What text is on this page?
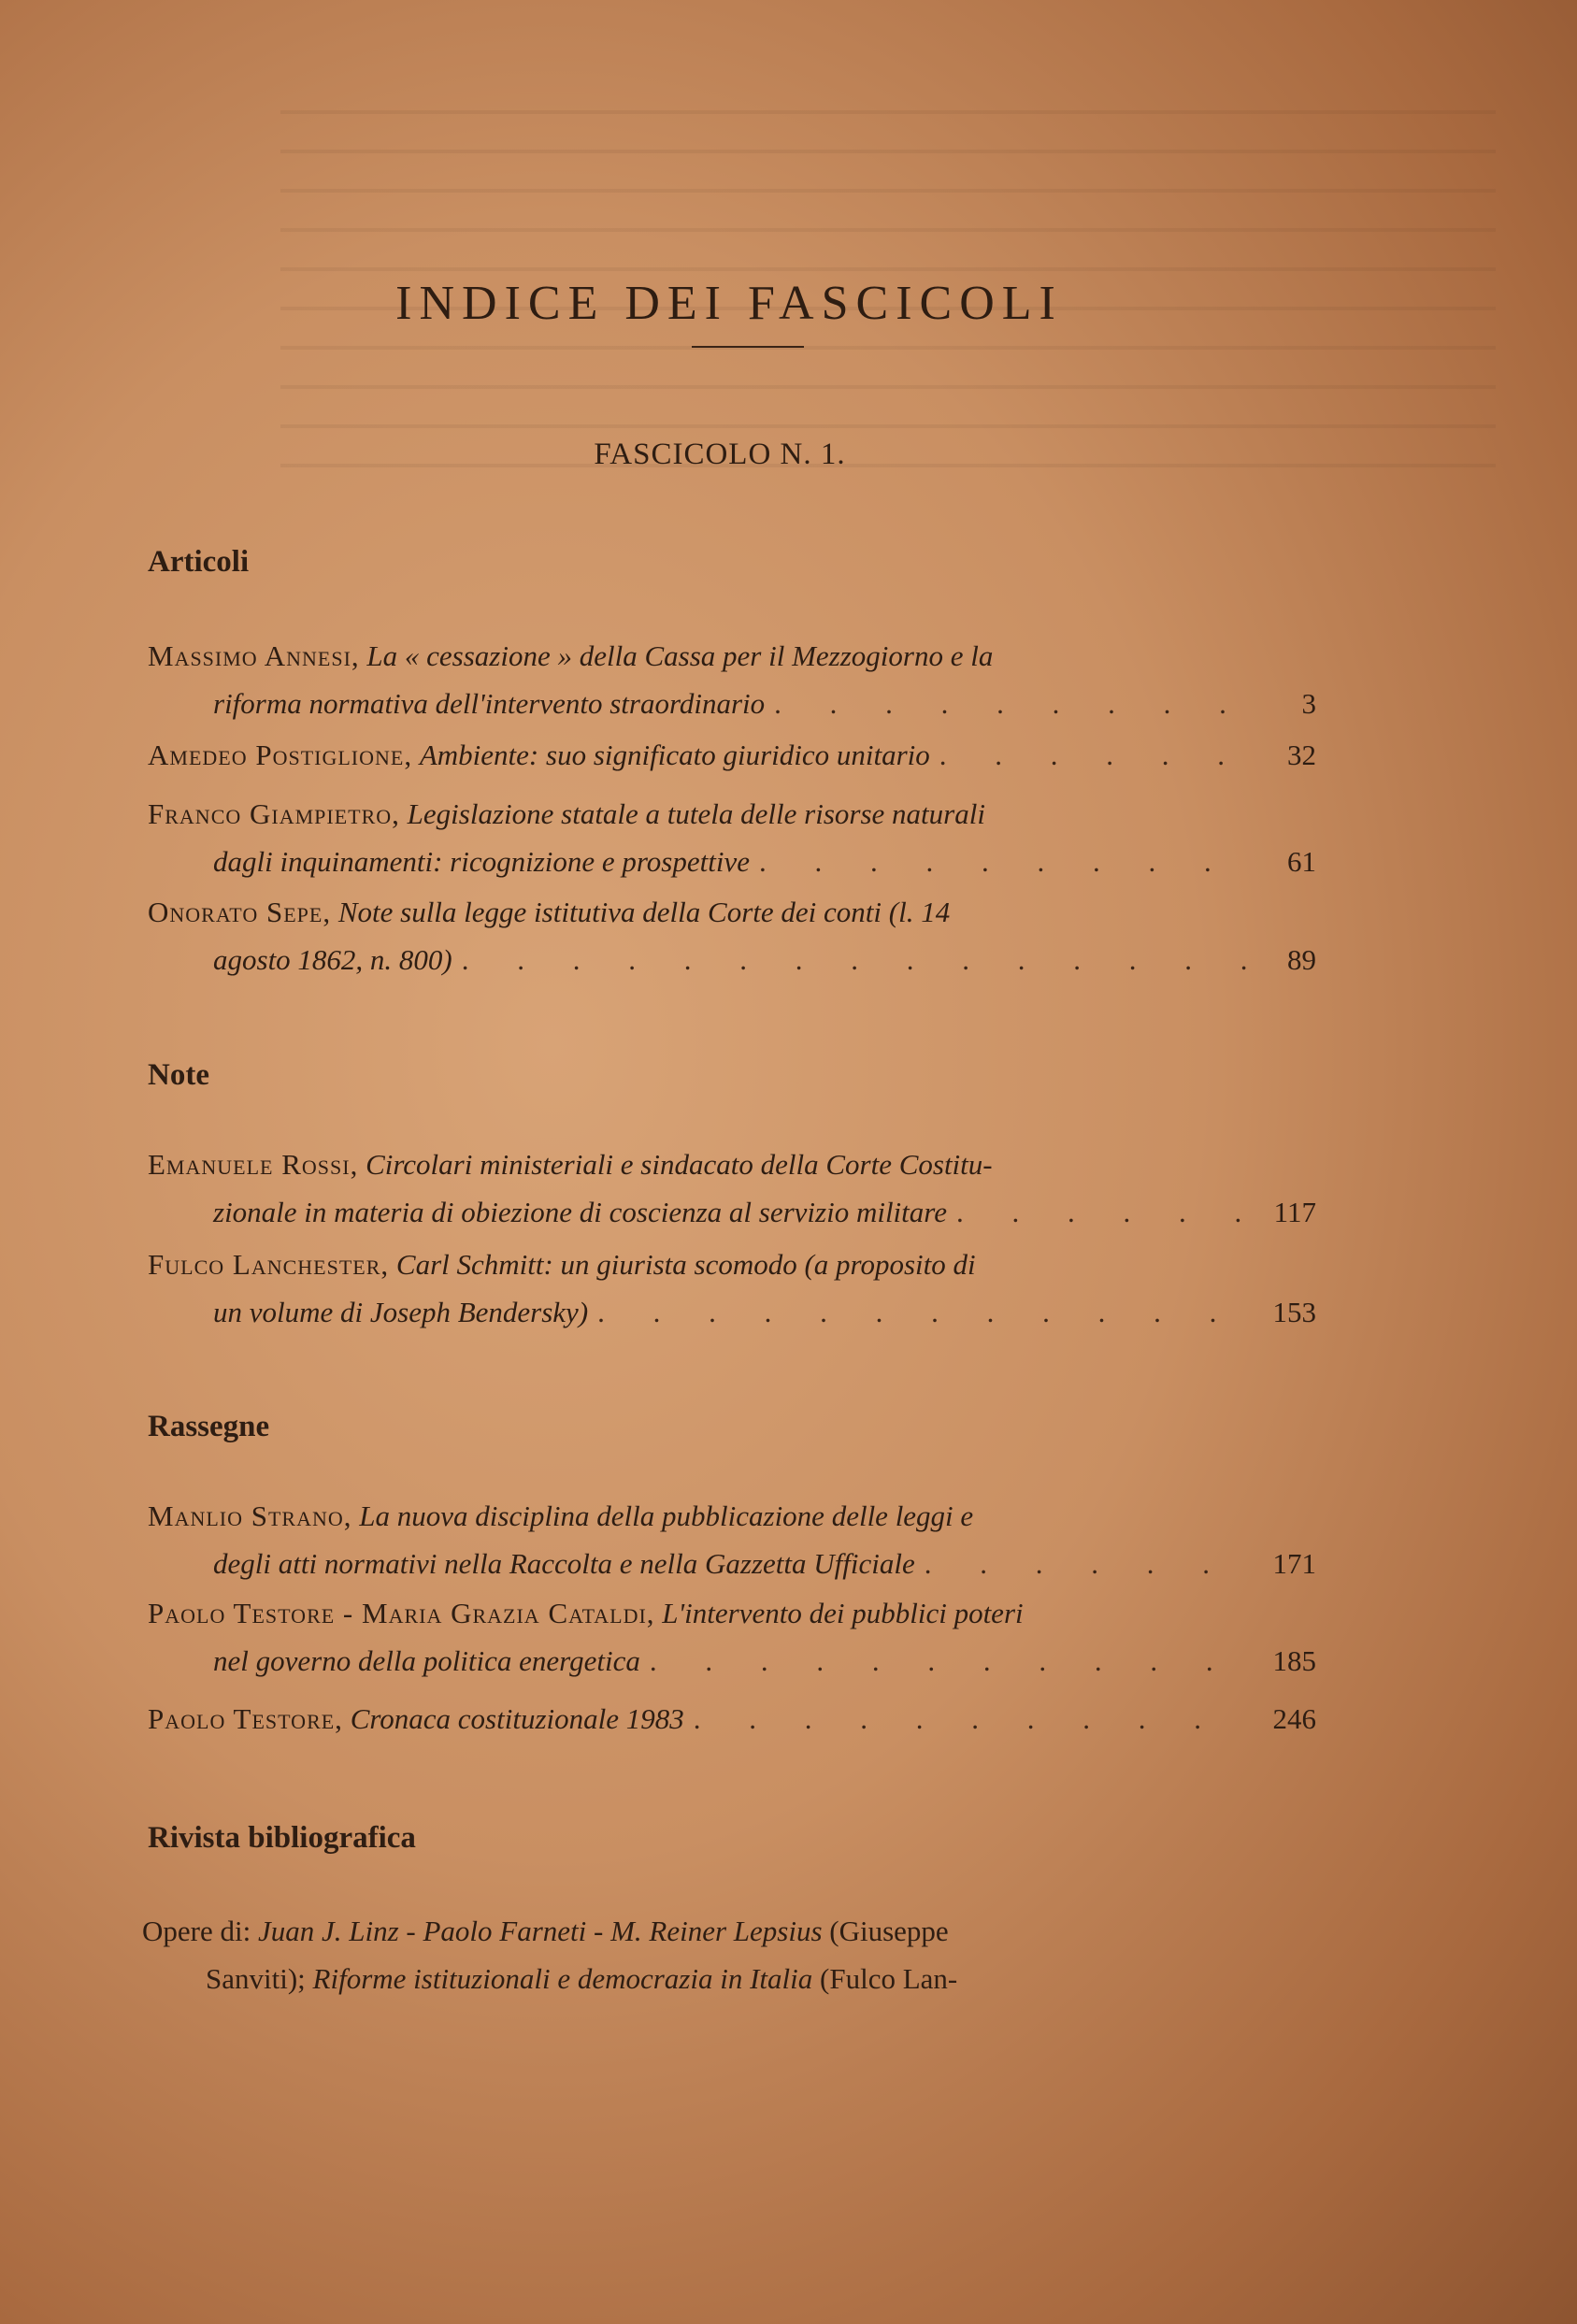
INDICE DEI FASCICOLI
FASCICOLO N. 1.
Articoli
Massimo Annesi, La « cessazione » della Cassa per il Mezzogiorno e la
riforma normativa dell'intervento straordinario . . .	3
Amedeo Postiglione,
Ambiente: suo significato giuridico unitario . . .	32
Franco Giampietro, Legislazione statale a tutela delle risorse naturali
dagli inquinamenti: ricognizione e prospettive . . .	61
Onorato Sepe, Note sulla legge istitutiva della Corte dei conti (l. 14
agosto 1862, n. 800) . . .	89
Note
Emanuele Rossi, Circolari ministeriali e sindacato della Corte Costitu-
zionale in materia di obiezione di coscienza al servizio militare . . .	117
Fulco Lanchester, Carl Schmitt: un giurista scomodo (a proposito di
un volume di Joseph Bendersky) . . .	153
Rassegne
Manlio Strano, La nuova disciplina della pubblicazione delle leggi e
degli atti normativi nella Raccolta e nella Gazzetta Ufficiale . . .	171
Paolo Testore - Maria Grazia Cataldi, L'intervento dei pubblici poteri
nel governo della politica energetica . . .	185
Paolo Testore,
Cronaca costituzionale 1983 . . .	246
Rivista bibliografica
Opere di: Juan J. Linz - Paolo Farneti - M. Reiner Lepsius (Giuseppe
Sanviti); Riforme istituzionali e democrazia in Italia (Fulco Lan-
